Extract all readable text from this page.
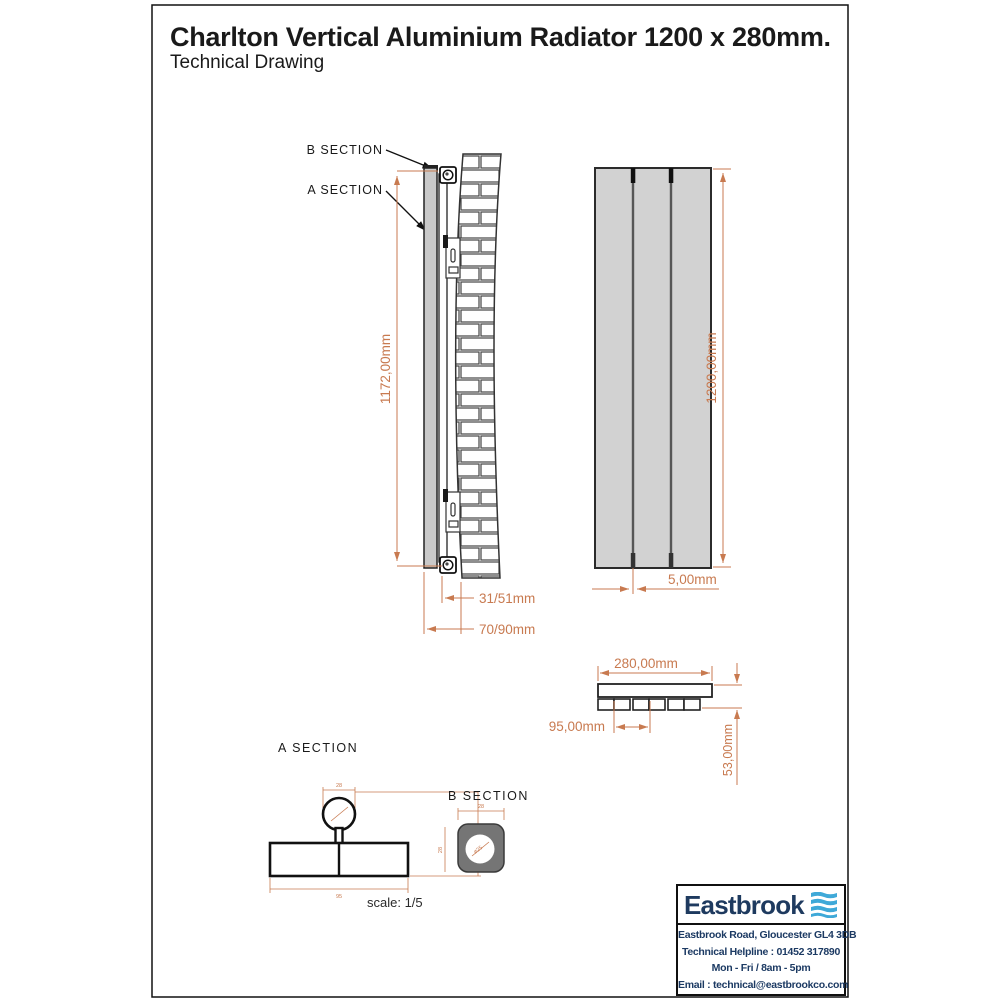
Charlton Vertical Aluminium Radiator 1200 x 280mm.
Technical Drawing
B SECTION
A SECTION
1172,00mm
31/51mm
70/90mm
1200,00mm
5,00mm
280,00mm
95,00mm	53,00mm
A SECTION
28
95
B SECTION
28
28	ø25
scale: 1/5	Eastbrook
Eastbrook Road, Gloucester GL4 3DB
Technical Helpline : 01452 317890
Mon - Fri / 8am - 5pm
Email : technical@eastbrookco.com
